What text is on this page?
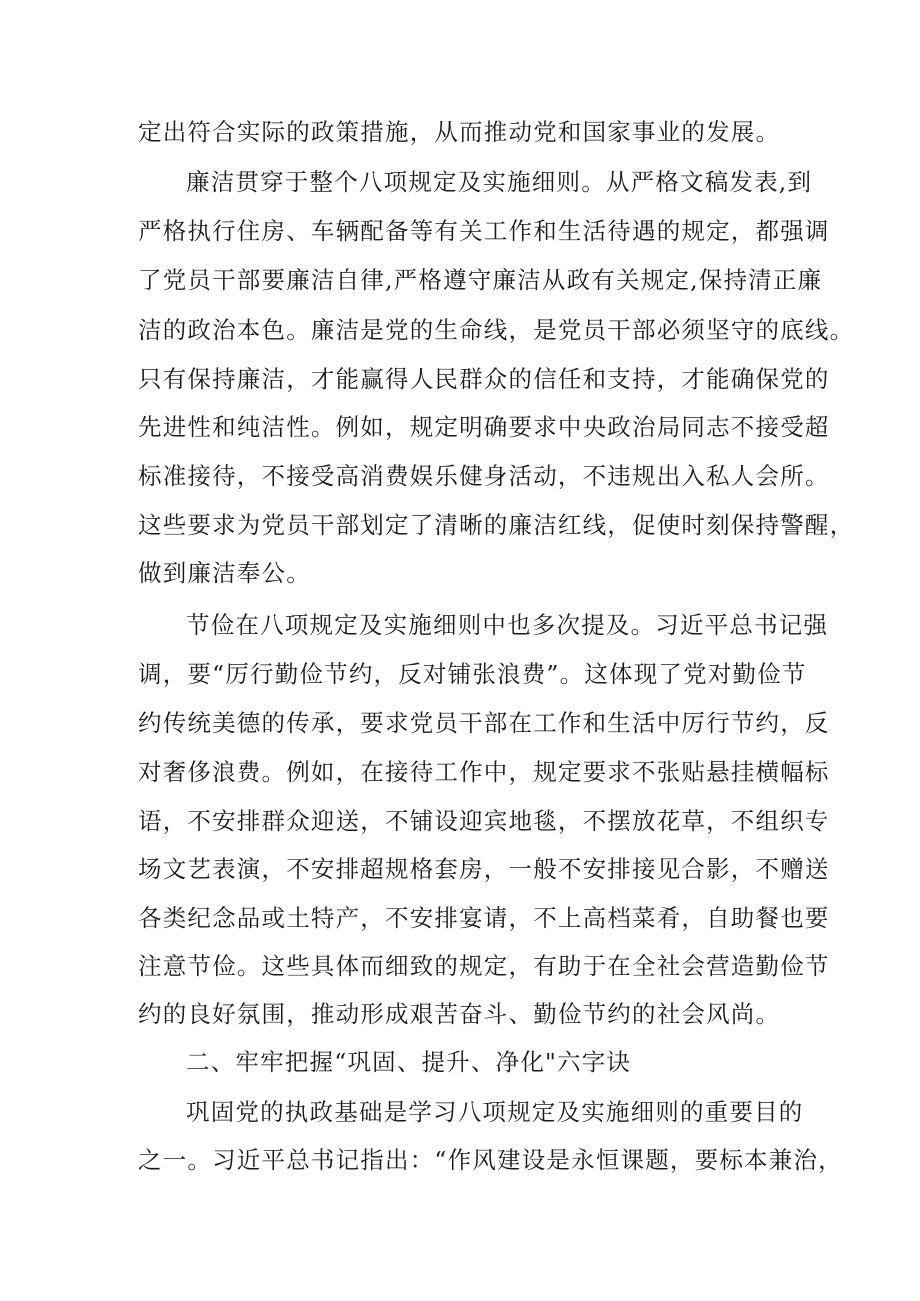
定出符合实际的政策措施，从而推动党和国家事业的发展。
廉洁贯穿于整个八项规定及实施细则。从严格文稿发表,到
严格执行住房、车辆配备等有关工作和生活待遇的规定，都强调
了党员干部要廉洁自律,严格遵守廉洁从政有关规定,保持清正廉
洁的政治本色。廉洁是党的生命线，是党员干部必须坚守的底线。
只有保持廉洁，才能赢得人民群众的信任和支持，才能确保党的
先进性和纯洁性。例如，规定明确要求中央政治局同志不接受超
标准接待，不接受高消费娱乐健身活动，不违规出入私人会所。
这些要求为党员干部划定了清晰的廉洁红线，促使时刻保持警醒，
做到廉洁奉公。
节俭在八项规定及实施细则中也多次提及。习近平总书记强
调，要“厉行勤俭节约，反对铺张浪费”。这体现了党对勤俭节
约传统美德的传承，要求党员干部在工作和生活中厉行节约，反
对奢侈浪费。例如，在接待工作中，规定要求不张贴悬挂横幅标
语，不安排群众迎送，不铺设迎宾地毯，不摆放花草，不组织专
场文艺表演，不安排超规格套房，一般不安排接见合影，不赠送
各类纪念品或土特产，不安排宴请，不上高档菜肴，自助餐也要
注意节俭。这些具体而细致的规定，有助于在全社会营造勤俭节
约的良好氛围，推动形成艰苦奋斗、勤俭节约的社会风尚。
二、牢牢把握“巩固、提升、净化"六字诀
巩固党的执政基础是学习八项规定及实施细则的重要目的
之一。习近平总书记指出：“作风建设是永恒课题，要标本兼治，
